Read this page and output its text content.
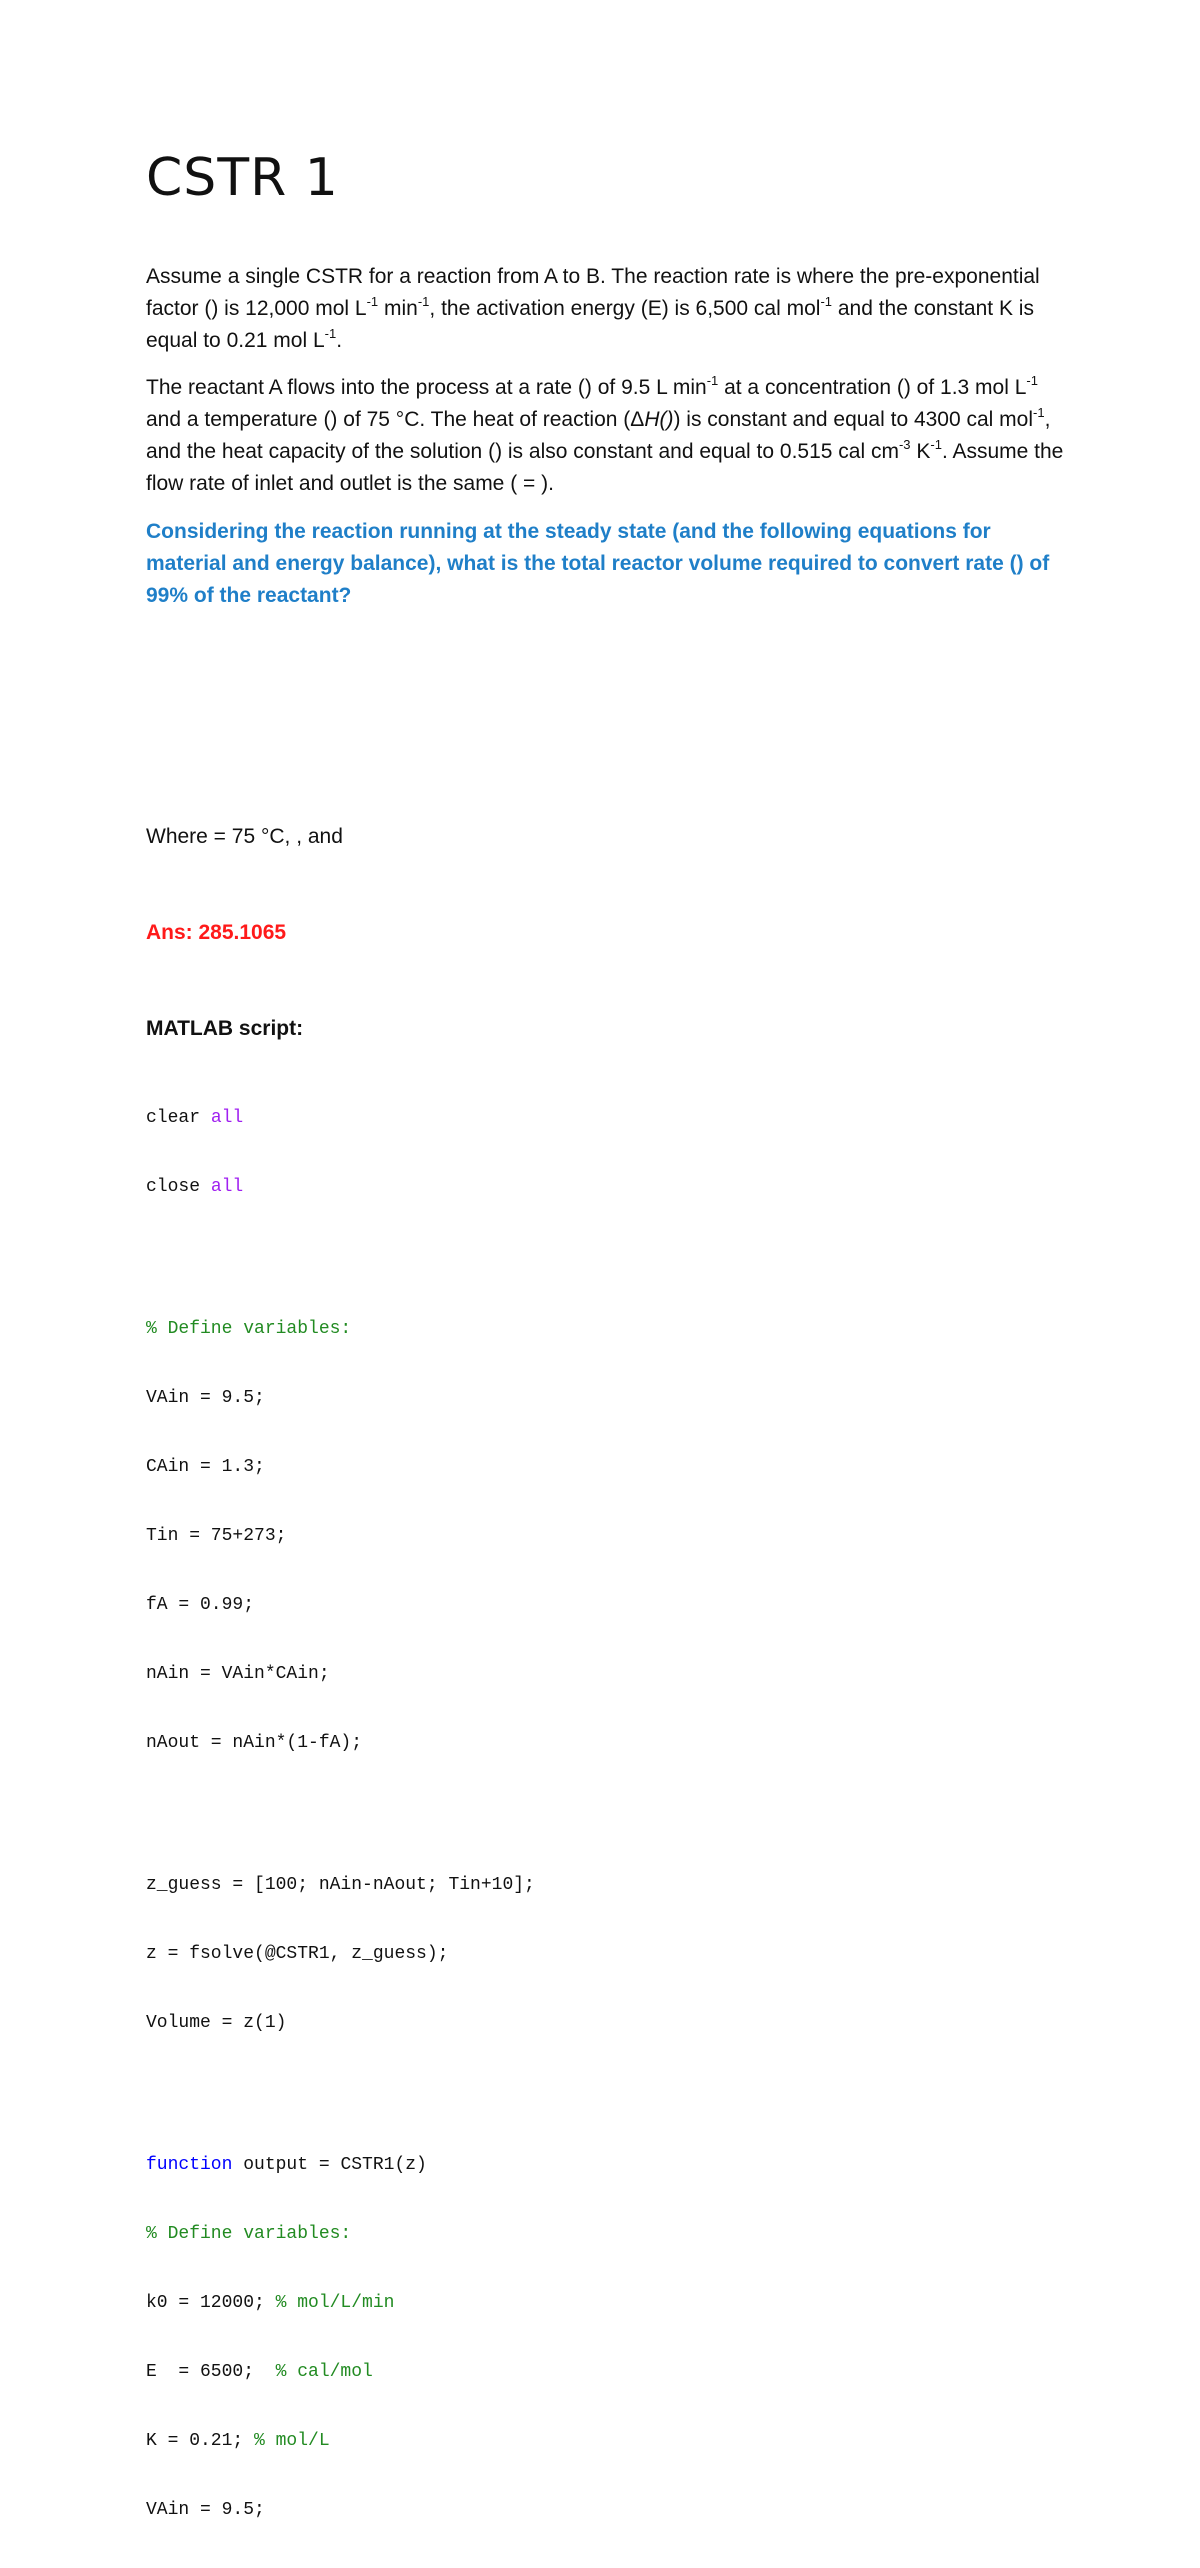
CSTR 1

Assume a single CSTR for a reaction from A to B. The reaction rate is where the pre-exponential factor () is 12,000 mol $L^{-1}$ $\min^{-1}$, the activation energy (E) is 6,500 cal mol$^{-1}$ and the constant K is equal to 0.21 mol $L^{-1}$.

The reactant A flows into the process at a rate () of 9.5 L $\min^{-1}$ at a concentration () of 1.3 mol $L^{-1}$ and a temperature () of 75 °C. The heat of reaction (ΔH()) is constant and equal to 4300 cal mol$^{-1}$, and the heat capacity of the solution () is also constant and equal to 0.515 cal $cm^{-3}$ $K^{-1}$. Assume the flow rate of inlet and outlet is the same ( = ).

Considering the reaction running at the steady state (and the following equations for material and energy balance), what is the total reactor volume required to convert rate () of 99% of the reactant?

Where = 75 °C, , and

Ans: 285.1065

MATLAB script:

clear all

close all

% Define variables:

VAin = 9.5;

CAin = 1.3;

Tin = 75+273;

fA = 0.99;

nAin = VAin*CAin;

nAout = nAin*(1-fA);

z_guess = [100; nAin-nAout; Tin+10];

z = fsolve(@CSTR1, z_guess);

Volume = z(1)

function output = CSTR1(z)

% Define variables:

k0 = 12000; % mol/L/min

E  = 6500;  % cal/mol

K = 0.21; % mol/L

VAin = 9.5;
